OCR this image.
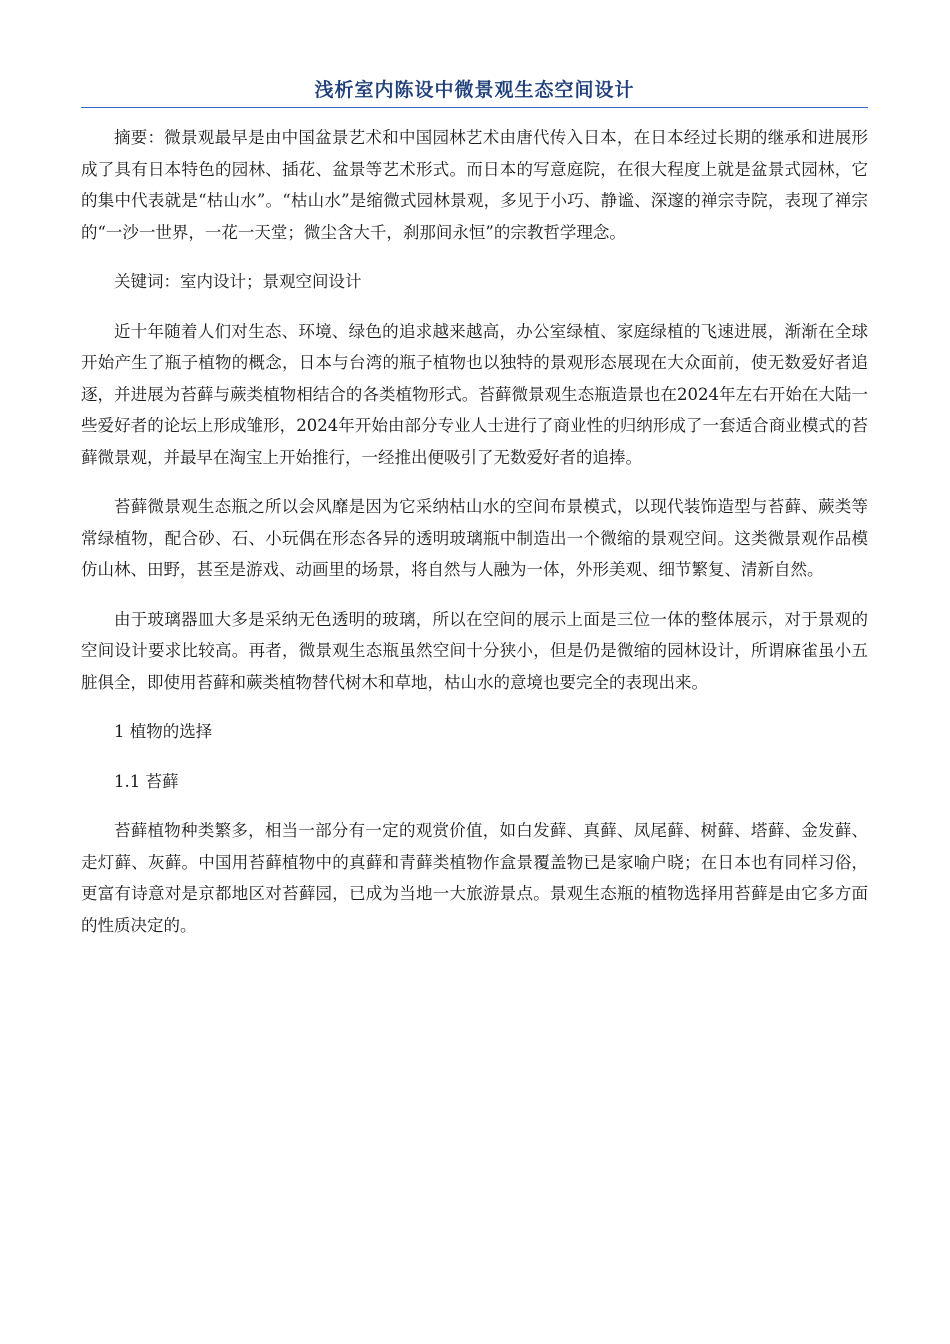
浅析室内陈设中微景观生态空间设计

摘要：微景观最早是由中国盆景艺术和中国园林艺术由唐代传入日本，在日本经过长期的继承和进展形成了具有日本特色的园林、插花、盆景等艺术形式。而日本的写意庭院，在很大程度上就是盆景式园林，它的集中代表就是“枯山水”。“枯山水”是缩微式园林景观，多见于小巧、静谧、深邃的禅宗寺院，表现了禅宗的“一沙一世界，一花一天堂；微尘含大千，刹那间永恒”的宗教哲学理念。

关键词：室内设计；景观空间设计

近十年随着人们对生态、环境、绿色的追求越来越高，办公室绿植、家庭绿植的飞速进展，渐渐在全球开始产生了瓶子植物的概念，日本与台湾的瓶子植物也以独特的景观形态展现在大众面前，使无数爱好者追逐，并进展为苔藓与蕨类植物相结合的各类植物形式。苔藓微景观生态瓶造景也在2024年左右开始在大陆一些爱好者的论坛上形成雏形，2024年开始由部分专业人士进行了商业性的归纳形成了一套适合商业模式的苔藓微景观，并最早在淘宝上开始推行，一经推出便吸引了无数爱好者的追捧。

苔藓微景观生态瓶之所以会风靡是因为它采纳枯山水的空间布景模式，以现代装饰造型与苔藓、蕨类等常绿植物，配合砂、石、小玩偶在形态各异的透明玻璃瓶中制造出一个微缩的景观空间。这类微景观作品模仿山林、田野，甚至是游戏、动画里的场景，将自然与人融为一体，外形美观、细节繁复、清新自然。

由于玻璃器皿大多是采纳无色透明的玻璃，所以在空间的展示上面是三位一体的整体展示，对于景观的空间设计要求比较高。再者，微景观生态瓶虽然空间十分狭小，但是仍是微缩的园林设计，所谓麻雀虽小五脏俱全，即使用苔藓和蕨类植物替代树木和草地，枯山水的意境也要完全的表现出来。

1 植物的选择

1.1 苔藓

苔藓植物种类繁多，相当一部分有一定的观赏价值，如白发藓、真藓、凤尾藓、树藓、塔藓、金发藓、走灯藓、灰藓。中国用苔藓植物中的真藓和青藓类植物作盒景覆盖物已是家喻户晓；在日本也有同样习俗，更富有诗意对是京都地区对苔藓园，已成为当地一大旅游景点。景观生态瓶的植物选择用苔藓是由它多方面的性质决定的。
